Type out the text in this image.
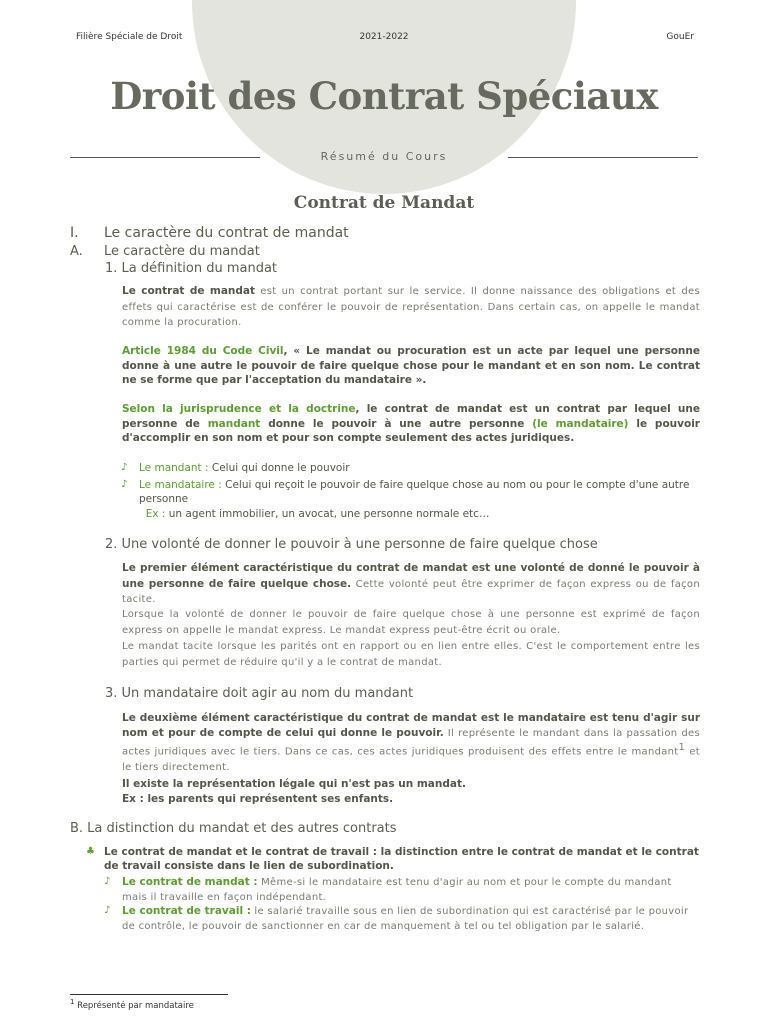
Filière Spéciale de Droit	2021-2022	GouEr
Droit des Contrat Spéciaux
Résumé du Cours
Contrat de Mandat
I. Le caractère du contrat de mandat
A. Le caractère du mandat
1. La définition du mandat
Le contrat de mandat est un contrat portant sur le service. Il donne naissance des obligations et des effets qui caractérise est de conférer le pouvoir de représentation. Dans certain cas, on appelle le mandat comme la procuration.
Article 1984 du Code Civil, « Le mandat ou procuration est un acte par lequel une personne donne à une autre le pouvoir de faire quelque chose pour le mandant et en son nom. Le contrat ne se forme que par l'acceptation du mandataire ».
Selon la jurisprudence et la doctrine, le contrat de mandat est un contrat par lequel une personne de mandant donne le pouvoir à une autre personne (le mandataire) le pouvoir d'accomplir en son nom et pour son compte seulement des actes juridiques.
♪ Le mandant : Celui qui donne le pouvoir
♪ Le mandataire : Celui qui reçoit le pouvoir de faire quelque chose au nom ou pour le compte d'une autre personne
Ex : un agent immobilier, un avocat, une personne normale etc…
2. Une volonté de donner le pouvoir à une personne de faire quelque chose
Le premier élément caractéristique du contrat de mandat est une volonté de donné le pouvoir à une personne de faire quelque chose. Cette volonté peut être exprimer de façon express ou de façon tacite.
Lorsque la volonté de donner le pouvoir de faire quelque chose à une personne est exprimé de façon express on appelle le mandat express. Le mandat express peut-être écrit ou orale.
Le mandat tacite lorsque les parités ont en rapport ou en lien entre elles. C'est le comportement entre les parties qui permet de réduire qu'il y a le contrat de mandat.
3. Un mandataire doit agir au nom du mandant
Le deuxième élément caractéristique du contrat de mandat est le mandataire est tenu d'agir sur nom et pour de compte de celui qui donne le pouvoir. Il représente le mandant dans la passation des actes juridiques avec le tiers. Dans ce cas, ces actes juridiques produisent des effets entre le mandant$^1$ et le tiers directement.
Il existe la représentation légale qui n'est pas un mandat.
Ex : les parents qui représentent ses enfants.
B. La distinction du mandat et des autres contrats
♣ Le contrat de mandat et le contrat de travail : la distinction entre le contrat de mandat et le contrat de travail consiste dans le lien de subordination.
♪ Le contrat de mandat : Même-si le mandataire est tenu d'agir au nom et pour le compte du mandant mais il travaille en façon indépendant.
♪ Le contrat de travail : le salarié travaille sous en lien de subordination qui est caractérisé par le pouvoir de contrôle, le pouvoir de sanctionner en car de manquement à tel ou tel obligation par le salarié.
$^1$ Représenté par mandataire
